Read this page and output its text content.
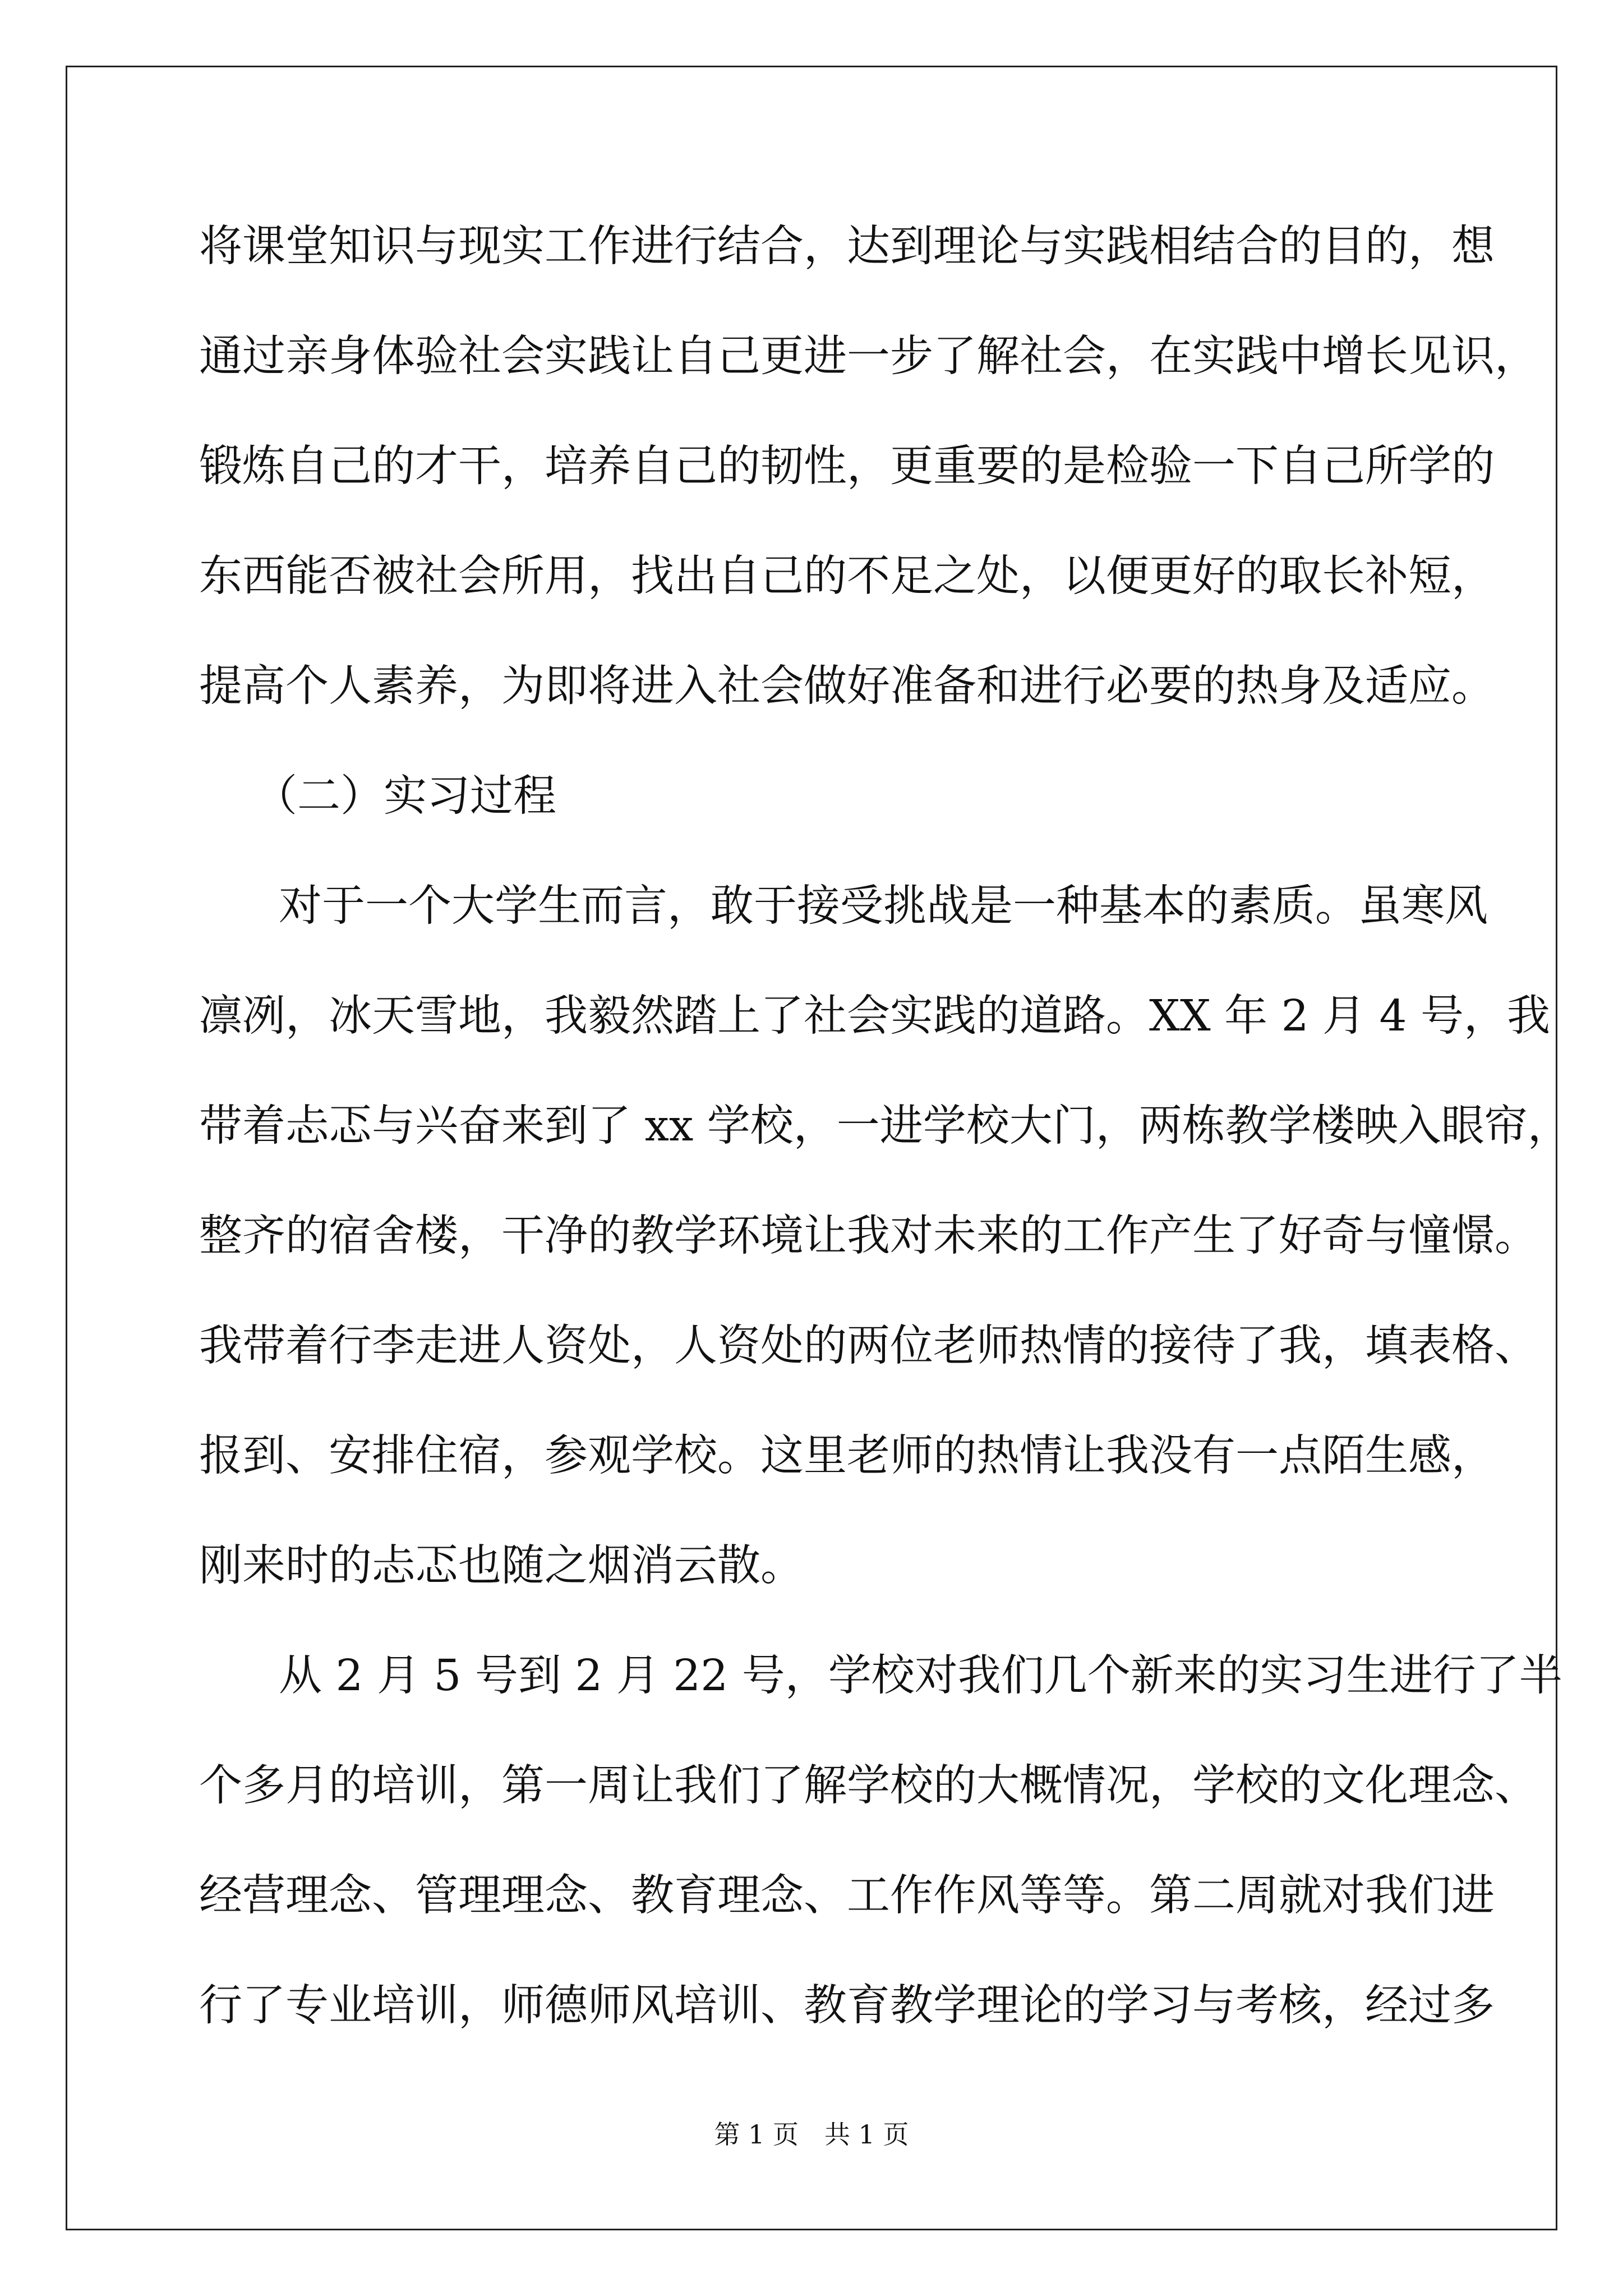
将课堂知识与现实工作进行结合，达到理论与实践相结合的目的，想
通过亲身体验社会实践让自己更进一步了解社会，在实践中增长见识，
锻炼自己的才干，培养自己的韧性，更重要的是检验一下自己所学的
东西能否被社会所用，找出自己的不足之处，以便更好的取长补短，
提高个人素养，为即将进入社会做好准备和进行必要的热身及适应。
（二）实习过程
对于一个大学生而言，敢于接受挑战是一种基本的素质。虽寒风
凛冽，冰天雪地，我毅然踏上了社会实践的道路。XX 年 2 月 4 号，我
带着忐忑与兴奋来到了 xx 学校，一进学校大门，两栋教学楼映入眼帘，
整齐的宿舍楼，干净的教学环境让我对未来的工作产生了好奇与憧憬。
我带着行李走进人资处，人资处的两位老师热情的接待了我，填表格、
报到、安排住宿，参观学校。这里老师的热情让我没有一点陌生感，
刚来时的忐忑也随之烟消云散。
从 2 月 5 号到 2 月 22 号，学校对我们几个新来的实习生进行了半
个多月的培训，第一周让我们了解学校的大概情况，学校的文化理念、
经营理念、管理理念、教育理念、工作作风等等。第二周就对我们进
行了专业培训，师德师风培训、教育教学理论的学习与考核，经过多
第 1 页　共 1 页
